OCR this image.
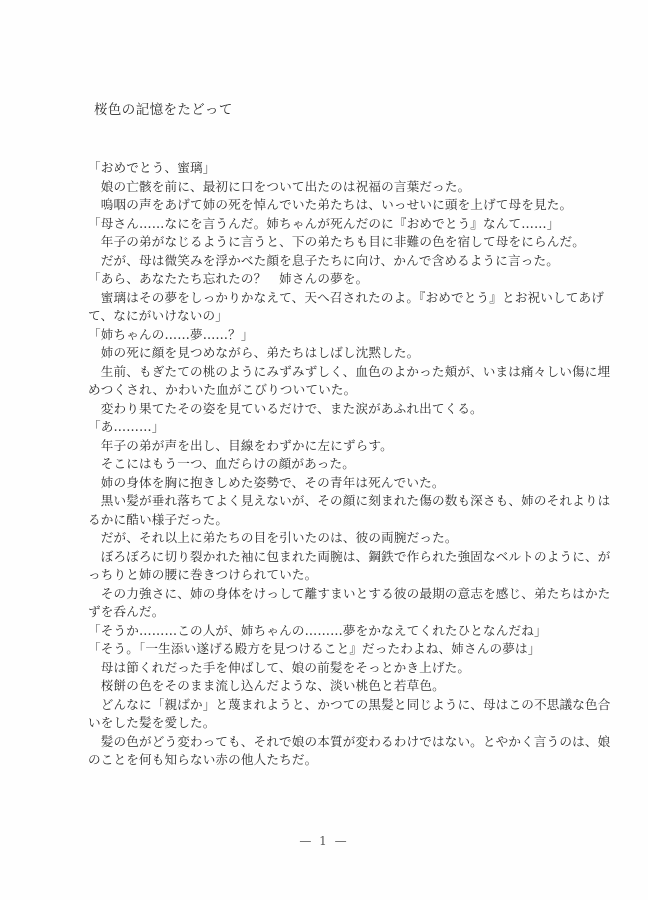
桜色の記憶をたどって
「おめでとう、蜜璃」
　娘の亡骸を前に、最初に口をついて出たのは祝福の言葉だった。
　嗚咽の声をあげて姉の死を悼んでいた弟たちは、いっせいに頭を上げて母を見た。
「母さん……なにを言うんだ。姉ちゃんが死んだのに『おめでとう』なんて……」
　年子の弟がなじるように言うと、下の弟たちも目に非難の色を宿して母をにらんだ。
　だが、母は微笑みを浮かべた顔を息子たちに向け、かんで含めるように言った。
「あら、あなたたち忘れたの？　姉さんの夢を。
　蜜璃はその夢をしっかりかなえて、天へ召されたのよ。『おめでとう』とお祝いしてあげ
て、なにがいけないの」
「姉ちゃんの……夢……？」
　姉の死に顔を見つめながら、弟たちはしばし沈黙した。
　生前、もぎたての桃のようにみずみずしく、血色のよかった頬が、いまは痛々しい傷に埋
めつくされ、かわいた血がこびりついていた。
　変わり果てたその姿を見ているだけで、また涙があふれ出てくる。
「あ………」
　年子の弟が声を出し、目線をわずかに左にずらす。
　そこにはもう一つ、血だらけの顔があった。
　姉の身体を胸に抱きしめた姿勢で、その青年は死んでいた。
　黒い髪が垂れ落ちてよく見えないが、その顔に刻まれた傷の数も深さも、姉のそれよりは
るかに酷い様子だった。
　だが、それ以上に弟たちの目を引いたのは、彼の両腕だった。
　ぼろぼろに切り裂かれた袖に包まれた両腕は、鋼鉄で作られた強固なベルトのように、が
っちりと姉の腰に巻きつけられていた。
　その力強さに、姉の身体をけっして離すまいとする彼の最期の意志を感じ、弟たちはかた
ずを呑んだ。
「そうか………この人が、姉ちゃんの………夢をかなえてくれたひとなんだね」
「そう。「一生添い遂げる殿方を見つけること』だったわよね、姉さんの夢は」
　母は節くれだった手を伸ばして、娘の前髪をそっとかき上げた。
　桜餅の色をそのまま流し込んだような、淡い桃色と若草色。
　どんなに「親ばか」と蔑まれようと、かつての黒髪と同じように、母はこの不思議な色合
いをした髪を愛した。
　髪の色がどう変わっても、それで娘の本質が変わるわけではない。とやかく言うのは、娘
のことを何も知らない赤の他人たちだ。
— 1 —
